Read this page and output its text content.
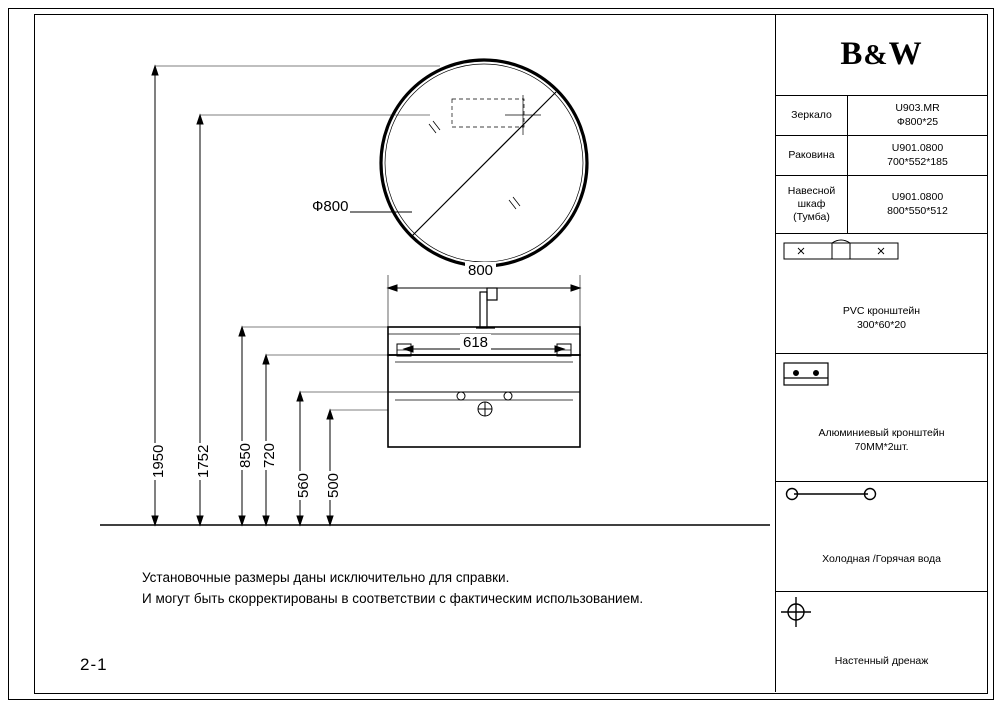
1950 1752 850 720
560 500
800
618
Ф800
Установочные размеры даны исключительно для справки.
И могут быть скорректированы в соответствии с фактическим использованием.
2-1
B&W
Зеркало
U903.MR
Ф800*25
Раковина
U901.0800
700*552*185
Навесной шкаф (Тумба)
U901.0800
800*550*512
PVC кронштейн
300*60*20
Алюминиевый кронштейн
70ММ*2шт.
Холодная /Горячая вода
Настенный дренаж
